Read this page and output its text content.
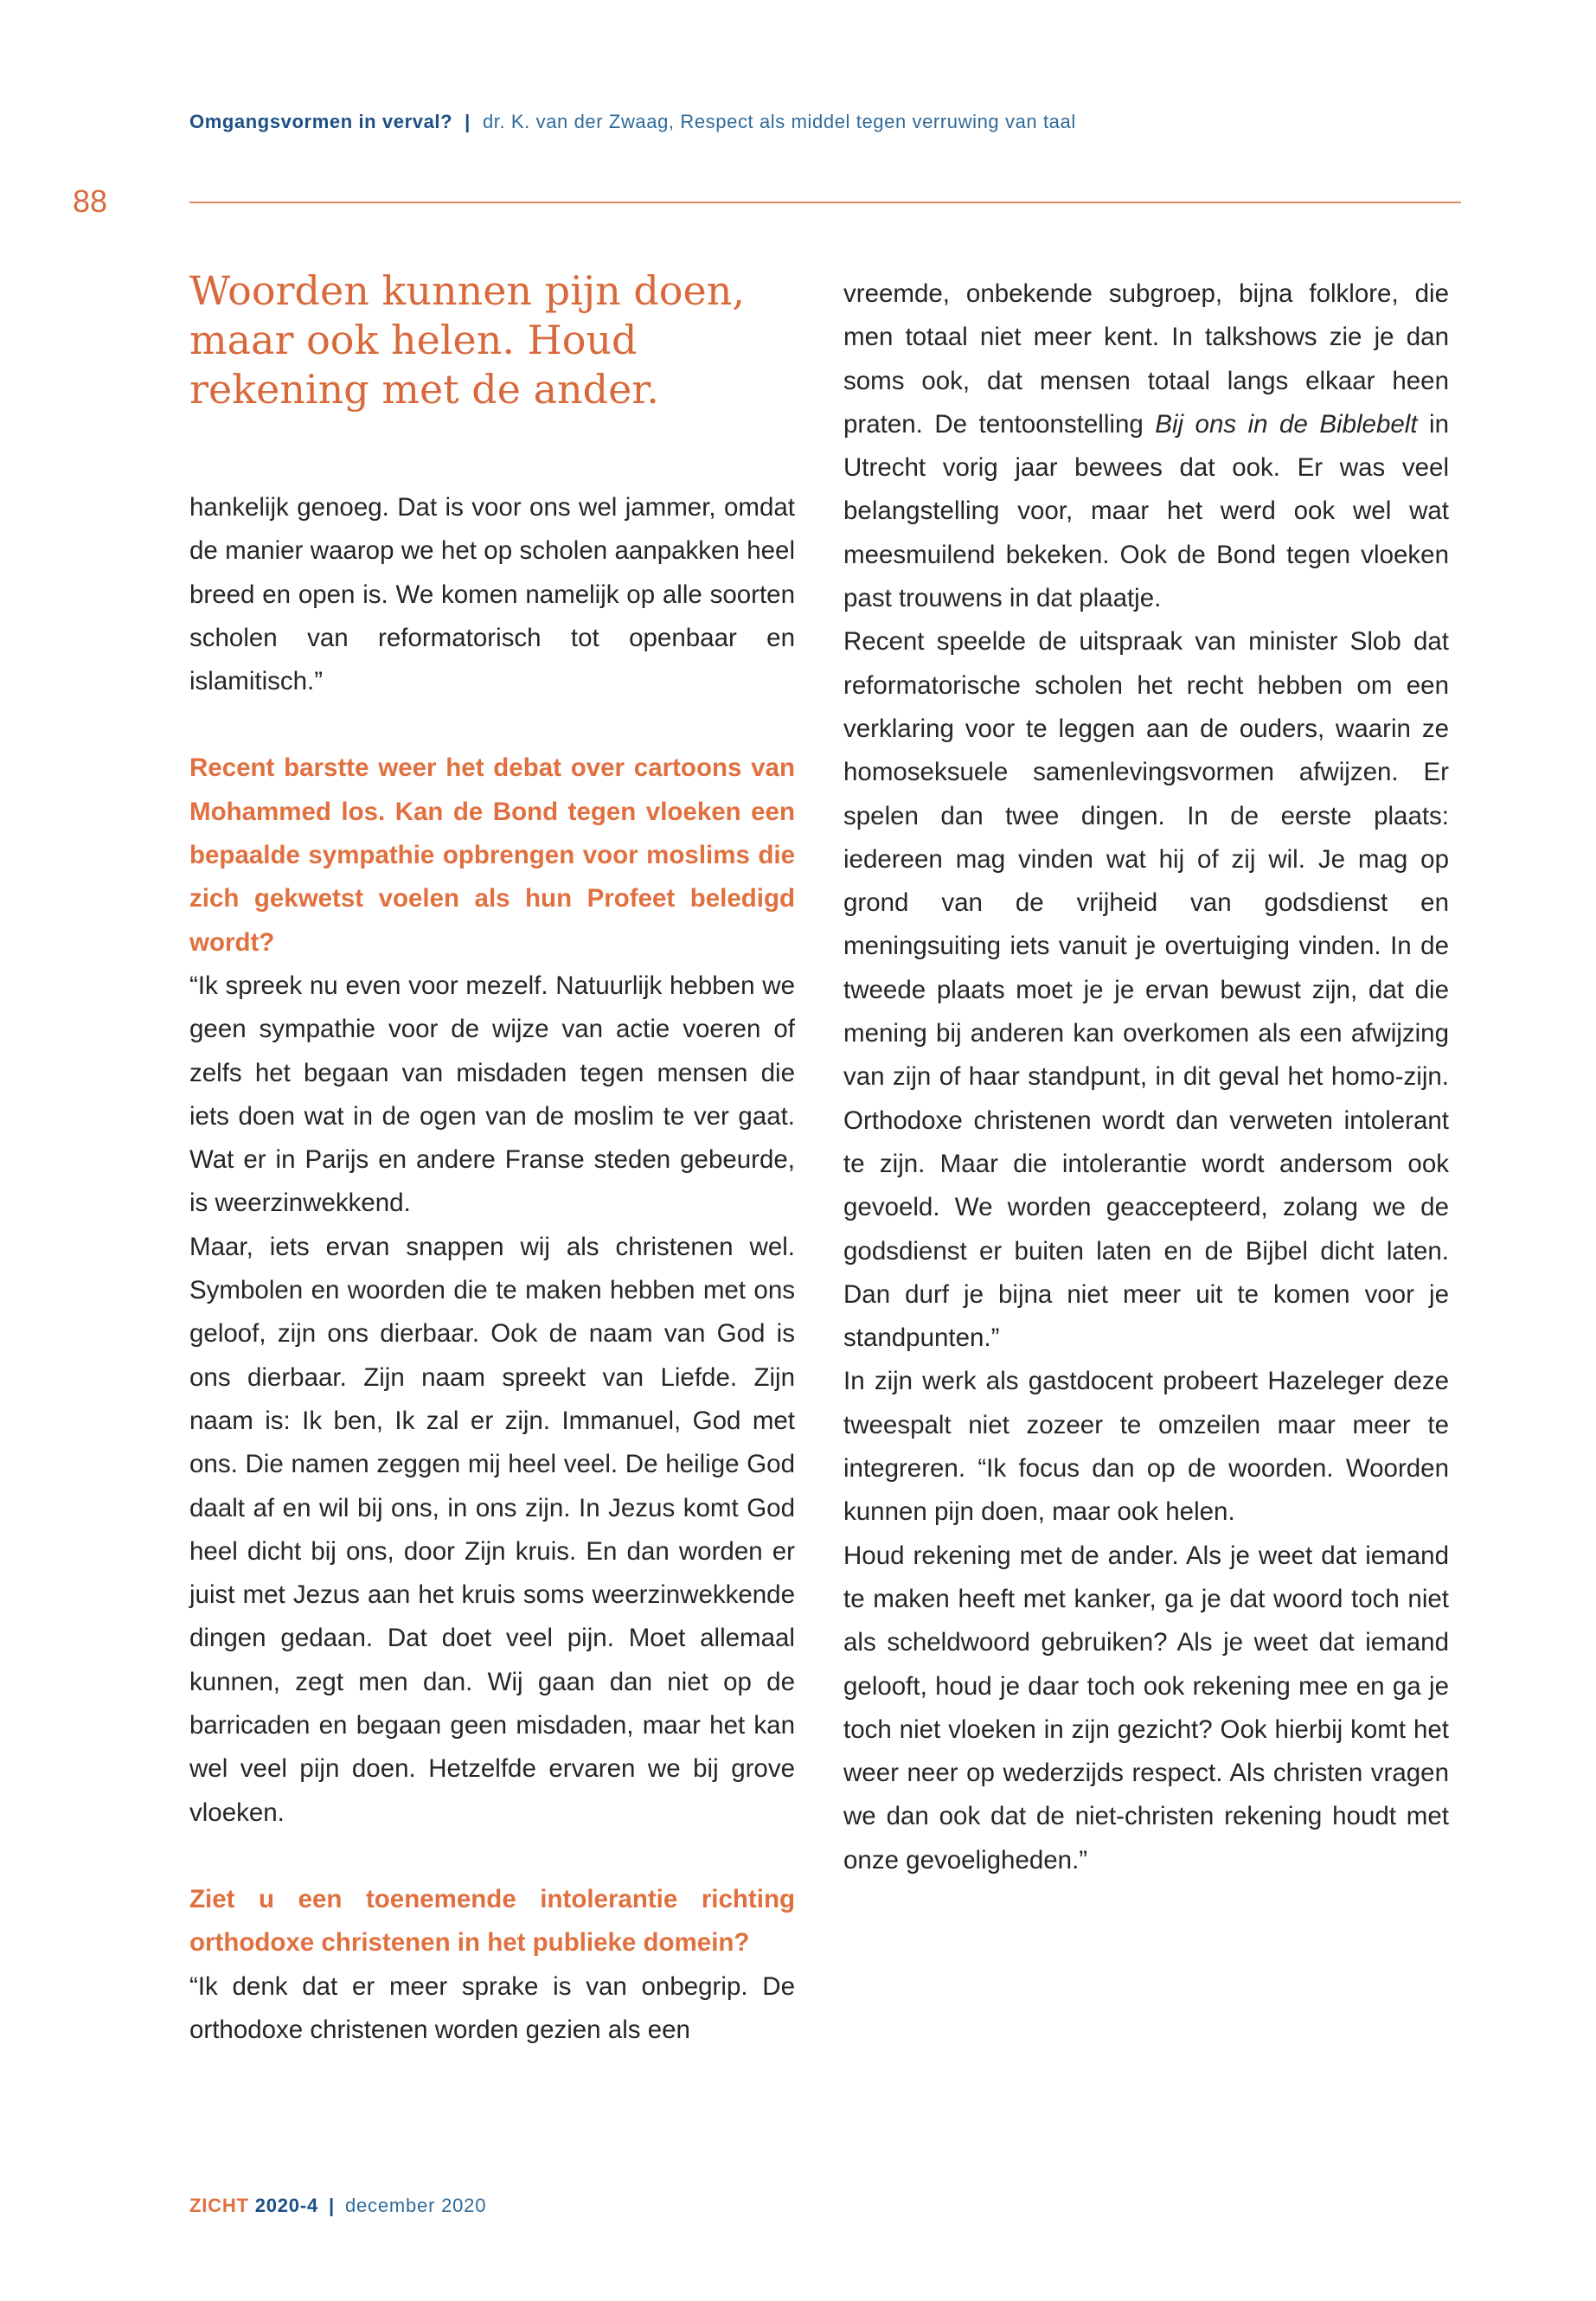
Omgangsvormen in verval? | dr. K. van der Zwaag, Respect als middel tegen verruwing van taal
88
Woorden kunnen pijn doen, maar ook helen. Houd rekening met de ander.

hankelijk genoeg. Dat is voor ons wel jammer, omdat de manier waarop we het op scholen aanpakken heel breed en open is. We komen namelijk op alle soorten scholen van reformatorisch tot openbaar en islamitisch.”

Recent barstte weer het debat over cartoons van Mohammed los. Kan de Bond tegen vloeken een bepaalde sympathie opbrengen voor moslims die zich gekwetst voelen als hun Profeet beledigd wordt?

“Ik spreek nu even voor mezelf. Natuurlijk hebben we geen sympathie voor de wijze van actie voeren of zelfs het begaan van misdaden tegen mensen die iets doen wat in de ogen van de moslim te ver gaat. Wat er in Parijs en andere Franse steden gebeurde, is weerzinwekkend.

Maar, iets ervan snappen wij als christenen wel. Symbolen en woorden die te maken hebben met ons geloof, zijn ons dierbaar. Ook de naam van God is ons dierbaar. Zijn naam spreekt van Liefde. Zijn naam is: Ik ben, Ik zal er zijn. Immanuel, God met ons. Die namen zeggen mij heel veel. De heilige God daalt af en wil bij ons, in ons zijn. In Jezus komt God heel dicht bij ons, door Zijn kruis. En dan worden er juist met Jezus aan het kruis soms weerzinwekkende dingen gedaan. Dat doet veel pijn. Moet allemaal kunnen, zegt men dan. Wij gaan dan niet op de barricaden en begaan geen misdaden, maar het kan wel veel pijn doen. Hetzelfde ervaren we bij grove vloeken.

Ziet u een toenemende intolerantie richting orthodoxe christenen in het publieke domein?

“Ik denk dat er meer sprake is van onbegrip. De orthodoxe christenen worden gezien als een

vreemde, onbekende subgroep, bijna folklore, die men totaal niet meer kent. In talkshows zie je dan soms ook, dat mensen totaal langs elkaar heen praten. De tentoonstelling Bij ons in de Biblebelt in Utrecht vorig jaar bewees dat ook. Er was veel belangstelling voor, maar het werd ook wel wat meesmuilend bekeken. Ook de Bond tegen vloeken past trouwens in dat plaatje.

Recent speelde de uitspraak van minister Slob dat reformatorische scholen het recht hebben om een verklaring voor te leggen aan de ouders, waarin ze homoseksuele samenlevingsvormen afwijzen. Er spelen dan twee dingen. In de eerste plaats: iedereen mag vinden wat hij of zij wil. Je mag op grond van de vrijheid van godsdienst en meningsuiting iets vanuit je overtuiging vinden. In de tweede plaats moet je je ervan bewust zijn, dat die mening bij anderen kan overkomen als een afwijzing van zijn of haar standpunt, in dit geval het homo-zijn. Orthodoxe christenen wordt dan verweten intolerant te zijn. Maar die intolerantie wordt andersom ook gevoeld. We worden geaccepteerd, zolang we de godsdienst er buiten laten en de Bijbel dicht laten. Dan durf je bijna niet meer uit te komen voor je standpunten.”

In zijn werk als gastdocent probeert Hazeleger deze tweespalt niet zozeer te omzeilen maar meer te integreren. “Ik focus dan op de woorden. Woorden kunnen pijn doen, maar ook helen.

Houd rekening met de ander. Als je weet dat iemand te maken heeft met kanker, ga je dat woord toch niet als scheldwoord gebruiken? Als je weet dat iemand gelooft, houd je daar toch ook rekening mee en ga je toch niet vloeken in zijn gezicht? Ook hierbij komt het weer neer op wederzijds respect. Als christen vragen we dan ook dat de niet-christen rekening houdt met onze gevoeligheden.”

ZICHT 2020-4 | december 2020
